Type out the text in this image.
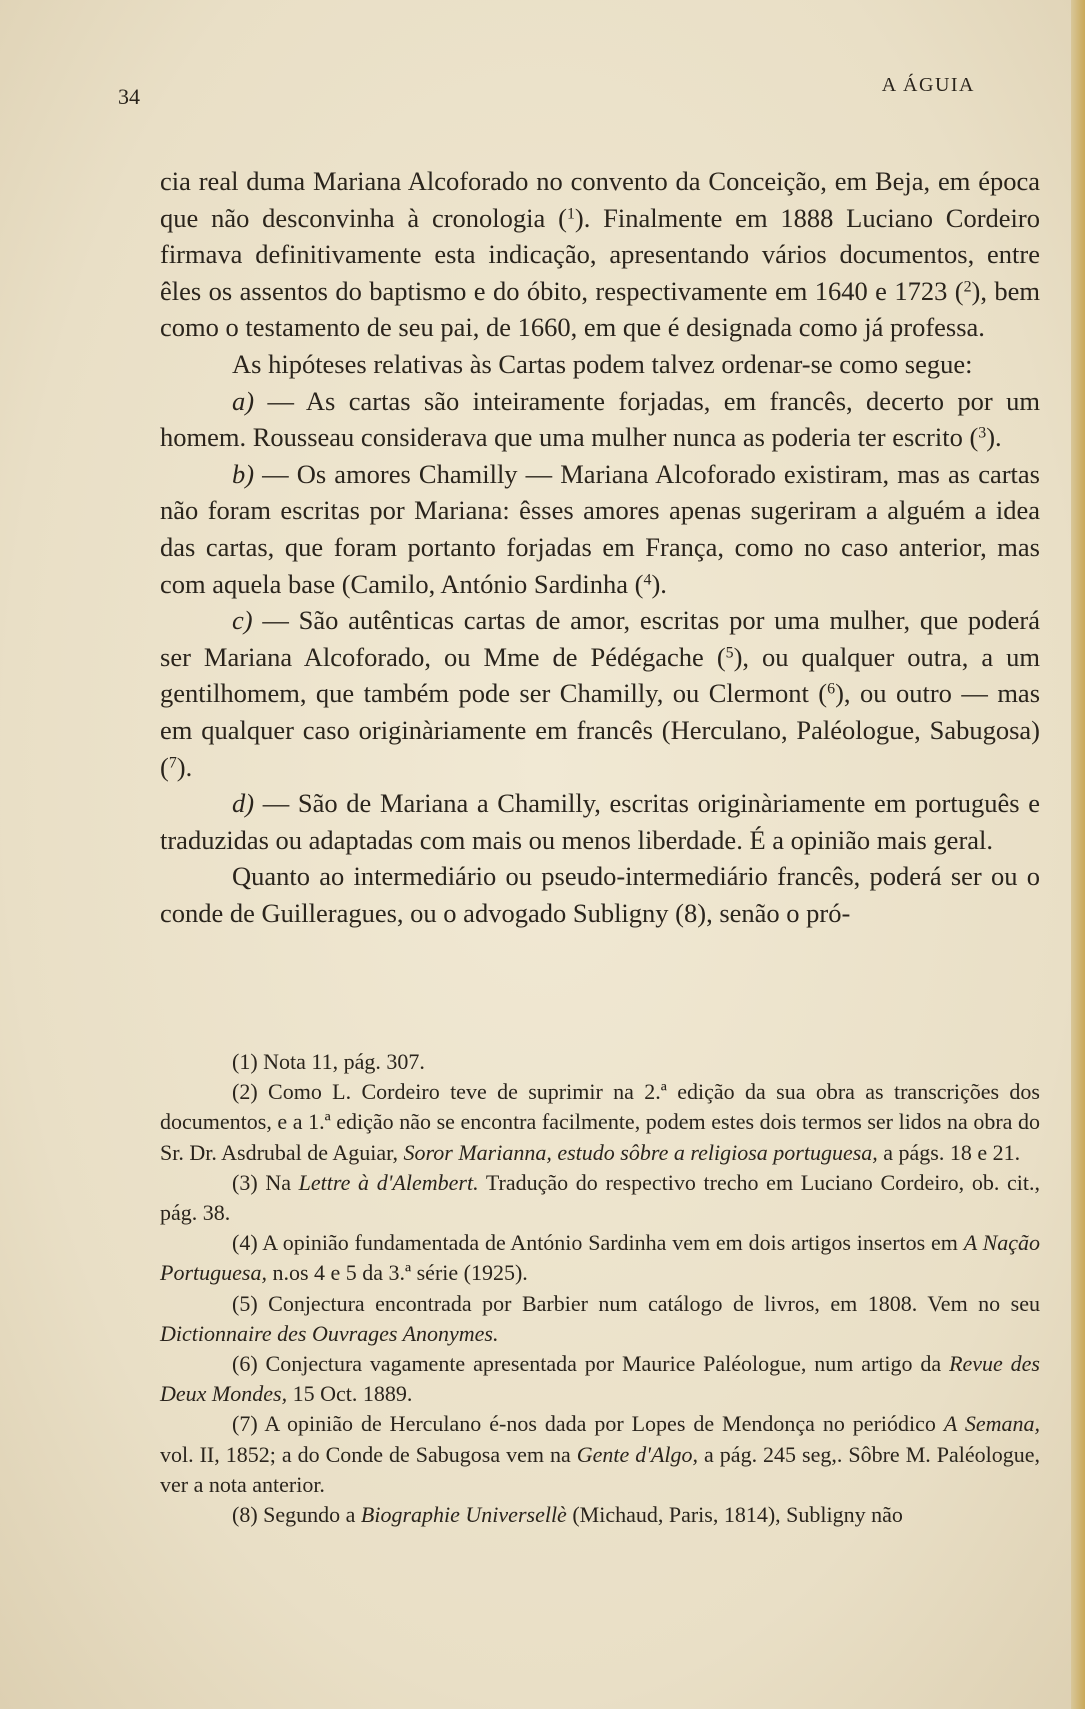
34	A ÁGUIA

cia real duma Mariana Alcoforado no convento da Conceição, em Beja, em época que não desconvinha à cronologia ($^1$). Finalmente em 1888 Luciano Cordeiro firmava definitivamente esta indicação, apresentando vários documentos, entre êles os assentos do baptismo e do óbito, respectivamente em 1640 e 1723 ($^2$), bem como o testamento de seu pai, de 1660, em que é designada como já professa.

As hipóteses relativas às Cartas podem talvez ordenar-se como segue:

a) — As cartas são inteiramente forjadas, em francês, decerto por um homem. Rousseau considerava que uma mulher nunca as poderia ter escrito ($^3$).

b) — Os amores Chamilly — Mariana Alcoforado existiram, mas as cartas não foram escritas por Mariana: êsses amores apenas sugeriram a alguém a idea das cartas, que foram portanto forjadas em França, como no caso anterior, mas com aquela base (Camilo, António Sardinha ($^4$).

c) — São autênticas cartas de amor, escritas por uma mulher, que poderá ser Mariana Alcoforado, ou Mme de Pédégache ($^5$), ou qualquer outra, a um gentilhomem, que também pode ser Chamilly, ou Clermont ($^6$), ou outro — mas em qualquer caso originàriamente em francês (Herculano, Paléologue, Sabugosa) ($^7$).

d) — São de Mariana a Chamilly, escritas originàriamente em português e traduzidas ou adaptadas com mais ou menos liberdade. É a opinião mais geral.

Quanto ao intermediário ou pseudo-intermediário francês, poderá ser ou o conde de Guilleragues, ou o advogado Subligny (8), senão o pró-

(1) Nota 11, pág. 307.

(2) Como L. Cordeiro teve de suprimir na 2.ª edição da sua obra as transcrições dos documentos, e a 1.ª edição não se encontra facilmente, podem estes dois termos ser lidos na obra do Sr. Dr. Asdrubal de Aguiar, Soror Marianna, estudo sôbre a religiosa portuguesa, a págs. 18 e 21.

(3) Na Lettre à d'Alembert. Tradução do respectivo trecho em Luciano Cordeiro, ob. cit., pág. 38.

(4) A opinião fundamentada de António Sardinha vem em dois artigos insertos em A Nação Portuguesa, n.os 4 e 5 da 3.ª série (1925).

(5) Conjectura encontrada por Barbier num catálogo de livros, em 1808. Vem no seu Dictionnaire des Ouvrages Anonymes.

(6) Conjectura vagamente apresentada por Maurice Paléologue, num artigo da Revue des Deux Mondes, 15 Oct. 1889.

(7) A opinião de Herculano é-nos dada por Lopes de Mendonça no periódico A Semana, vol. II, 1852; a do Conde de Sabugosa vem na Gente d'Algo, a pág. 245 seg,. Sôbre M. Paléologue, ver a nota anterior.

(8) Segundo a Biographie Universellè (Michaud, Paris, 1814), Subligny não
